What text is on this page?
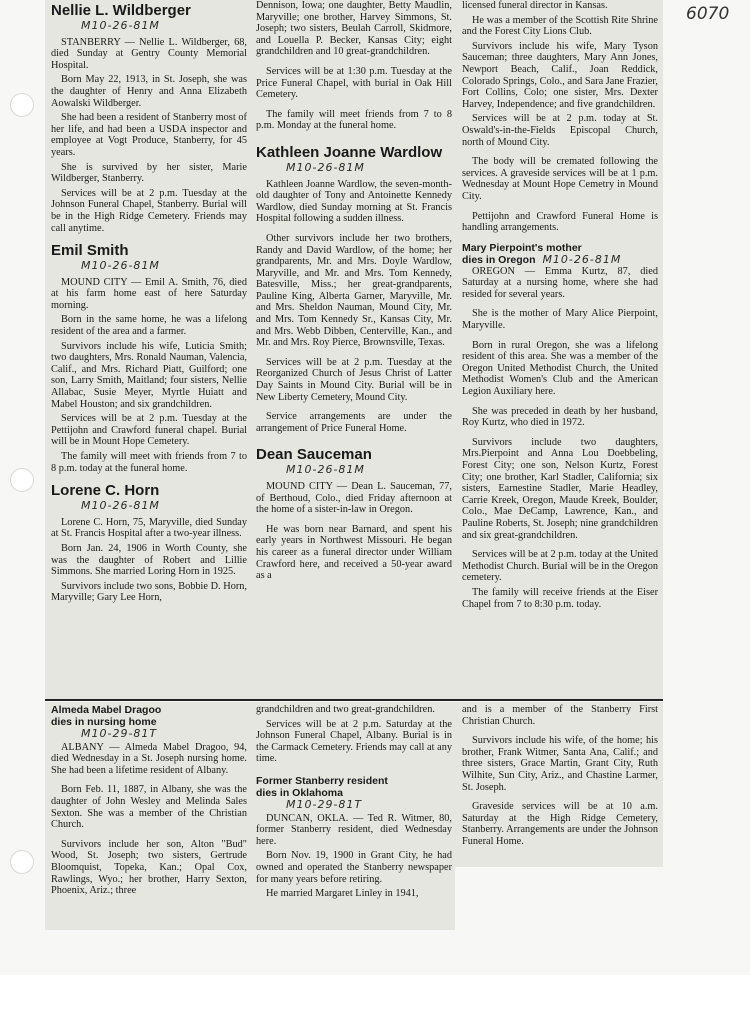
6070
Nellie L. Wildberger
M10-26-81M

STANBERRY — Nellie L. Wildberger, 68, died Sunday at Gentry County Memorial Hospital.

Born May 22, 1913, in St. Joseph, she was the daughter of Henry and Anna Elizabeth Aowalski Wildberger.

She had been a resident of Stanberry most of her life, and had been a USDA inspector and employee at Vogt Produce, Stanberry, for 45 years.

She is survived by her sister, Marie Wildberger, Stanberry.

Services will be at 2 p.m. Tuesday at the Johnson Funeral Chapel, Stanberry. Burial will be in the High Ridge Cemetery. Friends may call anytime.

Emil Smith
M10-26-81M

MOUND CITY — Emil A. Smith, 76, died at his farm home east of here Saturday morning.

Born in the same home, he was a lifelong resident of the area and a farmer.

Survivors include his wife, Luticia Smith; two daughters, Mrs. Ronald Nauman, Valencia, Calif., and Mrs. Richard Piatt, Guilford; one son, Larry Smith, Maitland; four sisters, Nellie Allabac, Susie Meyer, Myrtle Huiatt and Mabel Houston; and six grandchildren.

Services will be at 2 p.m. Tuesday at the Pettijohn and Crawford funeral chapel. Burial will be in Mount Hope Cemetery.

The family will meet with friends from 7 to 8 p.m. today at the funeral home.

Lorene C. Horn
M10-26-81M

Lorene C. Horn, 75, Maryville, died Sunday at St. Francis Hospital after a two-year illness.

Born Jan. 24, 1906 in Worth County, she was the daughter of Robert and Lillie Simmons. She married Loring Horn in 1925.

Survivors include two sons, Bobbie D. Horn, Maryville; Gary Lee Horn,

Dennison, Iowa; one daughter, Betty Maudlin, Maryville; one brother, Harvey Simmons, St. Joseph; two sisters, Beulah Carroll, Skidmore, and Louella P. Becker, Kansas City; eight grandchildren and 10 great-grandchildren.

Services will be at 1:30 p.m. Tuesday at the Price Funeral Chapel, with burial in Oak Hill Cemetery.

The family will meet friends from 7 to 8 p.m. Monday at the funeral home.

Kathleen Joanne Wardlow
M10-26-81M

Kathleen Joanne Wardlow, the seven-month-old daughter of Tony and Antoinette Kennedy Wardlow, died Sunday morning at St. Francis Hospital following a sudden illness.

Other survivors include her two brothers, Randy and David Wardlow, of the home; her grandparents, Mr. and Mrs. Doyle Wardlow, Maryville, and Mr. and Mrs. Tom Kennedy, Batesville, Miss.; her great-grandparents, Pauline King, Alberta Garner, Maryville, Mr. and Mrs. Sheldon Nauman, Mound City, Mr. and Mrs. Tom Kennedy Sr., Kansas City, Mr. and Mrs. Webb Dibben, Centerville, Kan., and Mr. and Mrs. Roy Pierce, Brownsville, Texas.

Services will be at 2 p.m. Tuesday at the Reorganized Church of Jesus Christ of Latter Day Saints in Mound City. Burial will be in New Liberty Cemetery, Mound City.

Service arrangements are under the arrangement of Price Funeral Home.

Dean Sauceman
M10-26-81M

MOUND CITY — Dean L. Sauceman, 77, of Berthoud, Colo., died Friday afternoon at the home of a sister-in-law in Oregon.

He was born near Barnard, and spent his early years in Northwest Missouri. He began his career as a funeral director under William Crawford here, and received a 50-year award as a

licensed funeral director in Kansas.

He was a member of the Scottish Rite Shrine and the Forest City Lions Club.

Survivors include his wife, Mary Tyson Sauceman; three daughters, Mary Ann Jones, Newport Beach, Calif., Joan Reddick, Colorado Springs, Colo., and Sara Jane Frazier, Fort Collins, Colo; one sister, Mrs. Dexter Harvey, Independence; and five grandchildren.

Services will be at 2 p.m. today at St. Oswald's-in-the-Fields Episcopal Church, north of Mound City.

The body will be cremated following the services. A graveside services will be at 1 p.m. Wednesday at Mount Hope Cemetry in Mound City.

Pettijohn and Crawford Funeral Home is handling arrangements.

Mary Pierpoint's mother
dies in Oregon M10-26-81M

OREGON — Emma Kurtz, 87, died Saturday at a nursing home, where she had resided for several years.

She is the mother of Mary Alice Pierpoint, Maryville.

Born in rural Oregon, she was a lifelong resident of this area. She was a member of the Oregon United Methodist Church, the United Methodist Women's Club and the American Legion Auxiliary here.

She was preceded in death by her husband, Roy Kurtz, who died in 1972.

Survivors include two daughters, Mrs.Pierpoint and Anna Lou Doebbeling, Forest City; one son, Nelson Kurtz, Forest City; one brother, Karl Stadler, California; six sisters, Earnestine Stadler, Marie Headley, Carrie Kreek, Oregon, Maude Kreek, Boulder, Colo., Mae DeCamp, Lawrence, Kan., and Pauline Roberts, St. Joseph; nine grandchildren and six great-grandchildren.

Services will be at 2 p.m. today at the United Methodist Church. Burial will be in the Oregon cemetery.

The family will receive friends at the Eiser Chapel from 7 to 8:30 p.m. today.

Almeda Mabel Dragoo
dies in nursing home
M10-29-81T

ALBANY — Almeda Mabel Dragoo, 94, died Wednesday in a St. Joseph nursing home. She had been a lifetime resident of Albany.

Born Feb. 11, 1887, in Albany, she was the daughter of John Wesley and Melinda Sales Sexton. She was a member of the Christian Church.

Survivors include her son, Alton "Bud" Wood, St. Joseph; two sisters, Gertrude Bloomquist, Topeka, Kan.; Opal Cox, Rawlings, Wyo.; her brother, Harry Sexton, Phoenix, Ariz.; three

grandchildren and two great-grandchildren.

Services will be at 2 p.m. Saturday at the Johnson Funeral Chapel, Albany. Burial is in the Carmack Cemetery. Friends may call at any time.

Former Stanberry resident
dies in Oklahoma
M10-29-81T

DUNCAN, OKLA. — Ted R. Witmer, 80, former Stanberry resident, died Wednesday here.

Born Nov. 19, 1900 in Grant City, he had owned and operated the Stanberry newspaper for many years before retiring.

He married Margaret Linley in 1941,

and is a member of the Stanberry First Christian Church.

Survivors include his wife, of the home; his brother, Frank Witmer, Santa Ana, Calif.; and three sisters, Grace Martin, Grant City, Ruth Wilhite, Sun City, Ariz., and Chastine Larmer, St. Joseph.

Graveside services will be at 10 a.m. Saturday at the High Ridge Cemetery, Stanberry. Arrangements are under the Johnson Funeral Home.
